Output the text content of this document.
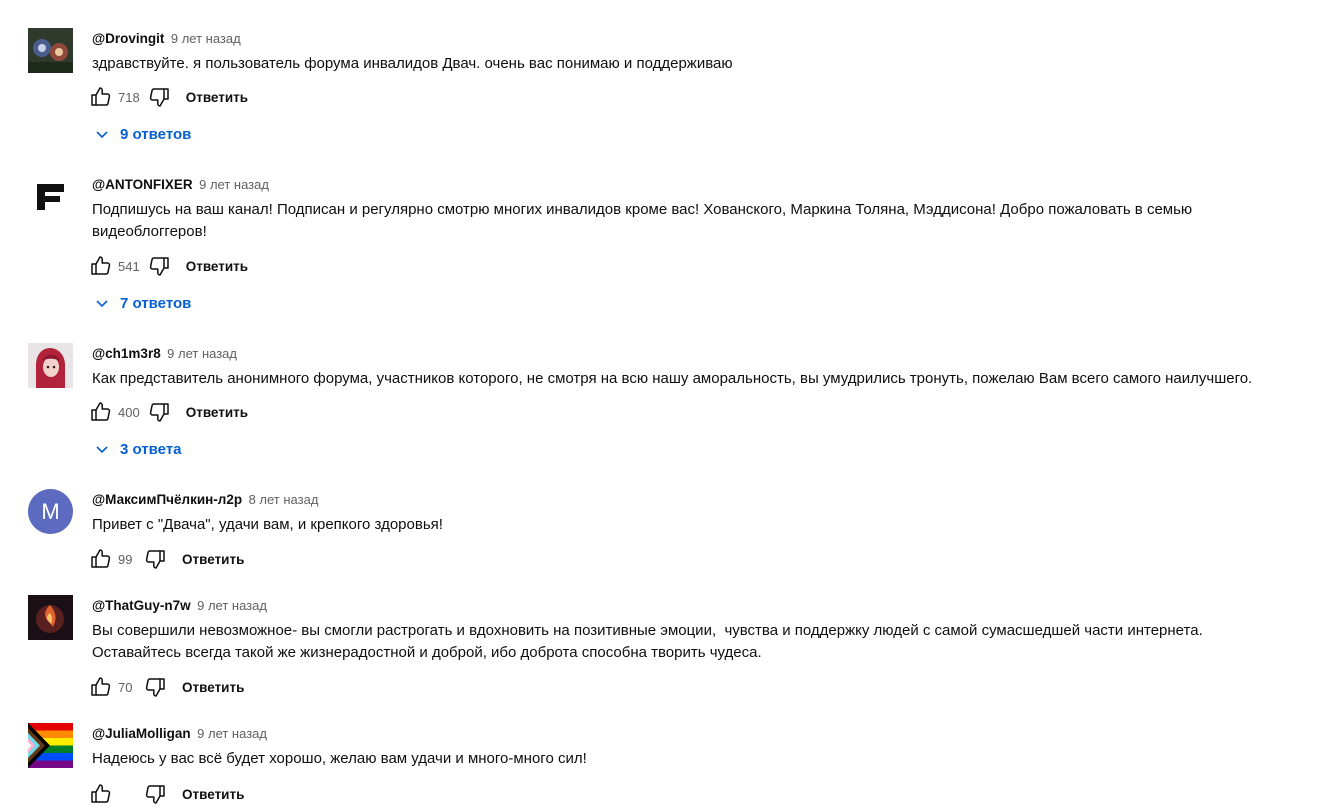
@Drovingit 9 лет назад
здравствуйте. я пользователь форума инвалидов Двач. очень вас понимаю и поддерживаю
718	Ответить
9 ответов
@ANTONFIXER 9 лет назад
Подпишусь на ваш канал! Подписан и регулярно смотрю многих инвалидов кроме вас! Хованского, Маркина Толяна, Мэддисона! Добро пожаловать в семью видеоблоггеров!
541	Ответить
7 ответов
@ch1m3r8 9 лет назад
Как представитель анонимного форума, участников которого, не смотря на всю нашу аморальность, вы умудрились тронуть, пожелаю Вам всего самого наилучшего.
400	Ответить
3 ответа
M @МаксимПчёлкин-л2р 8 лет назад
Привет с "Двача", удачи вам, и крепкого здоровья!
99	Ответить
@ThatGuy-n7w 9 лет назад
Вы совершили невозможное- вы смогли растрогать и вдохновить на позитивные эмоции,  чувства и поддержку людей с самой сумасшедшей части интернета.
Оставайтесь всегда такой же жизнерадостной и доброй, ибо доброта способна творить чудеса.
70	Ответить
@JuliaMolligan 9 лет назад
Надеюсь у вас всё будет хорошо, желаю вам удачи и много-много сил!
Ответить
